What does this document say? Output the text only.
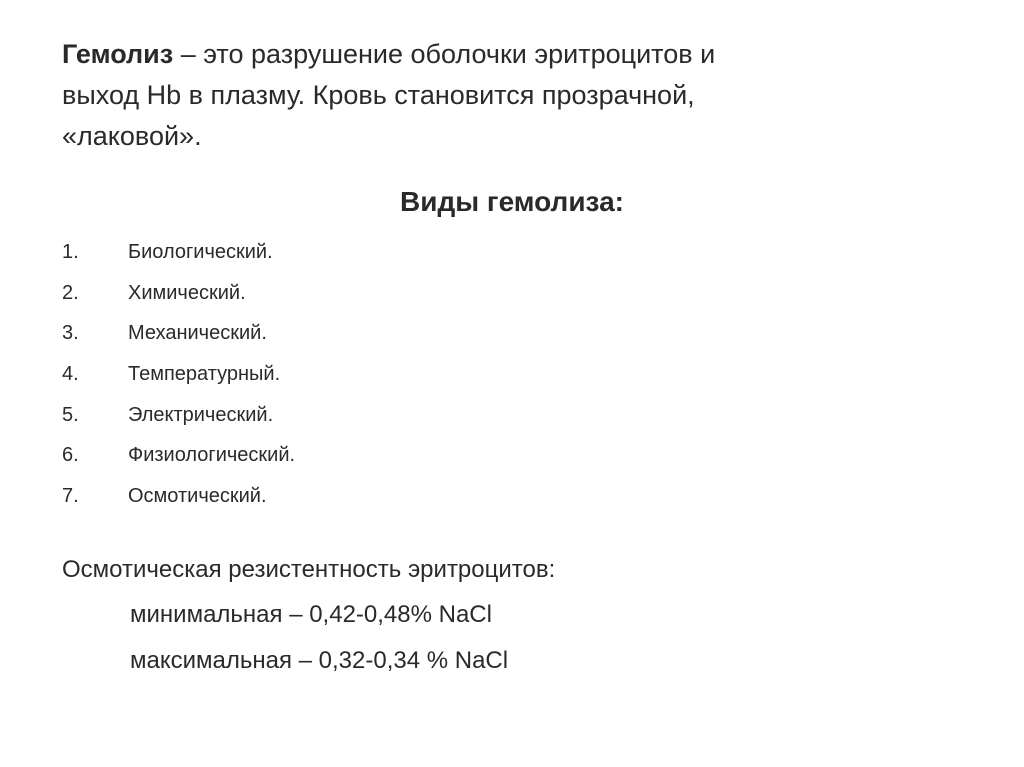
Гемолиз – это разрушение оболочки эритроцитов и
выход Hb в плазму. Кровь становится прозрачной,
«лаковой».
Виды гемолиза:
1.	Биологический.
2.	Химический.
3.	Механический.
4.	Температурный.
5.	Электрический.
6.	Физиологический.
7.	Осмотический.
Осмотическая резистентность эритроцитов:
минимальная – 0,42-0,48% NaCl
максимальная – 0,32-0,34 % NaCl
